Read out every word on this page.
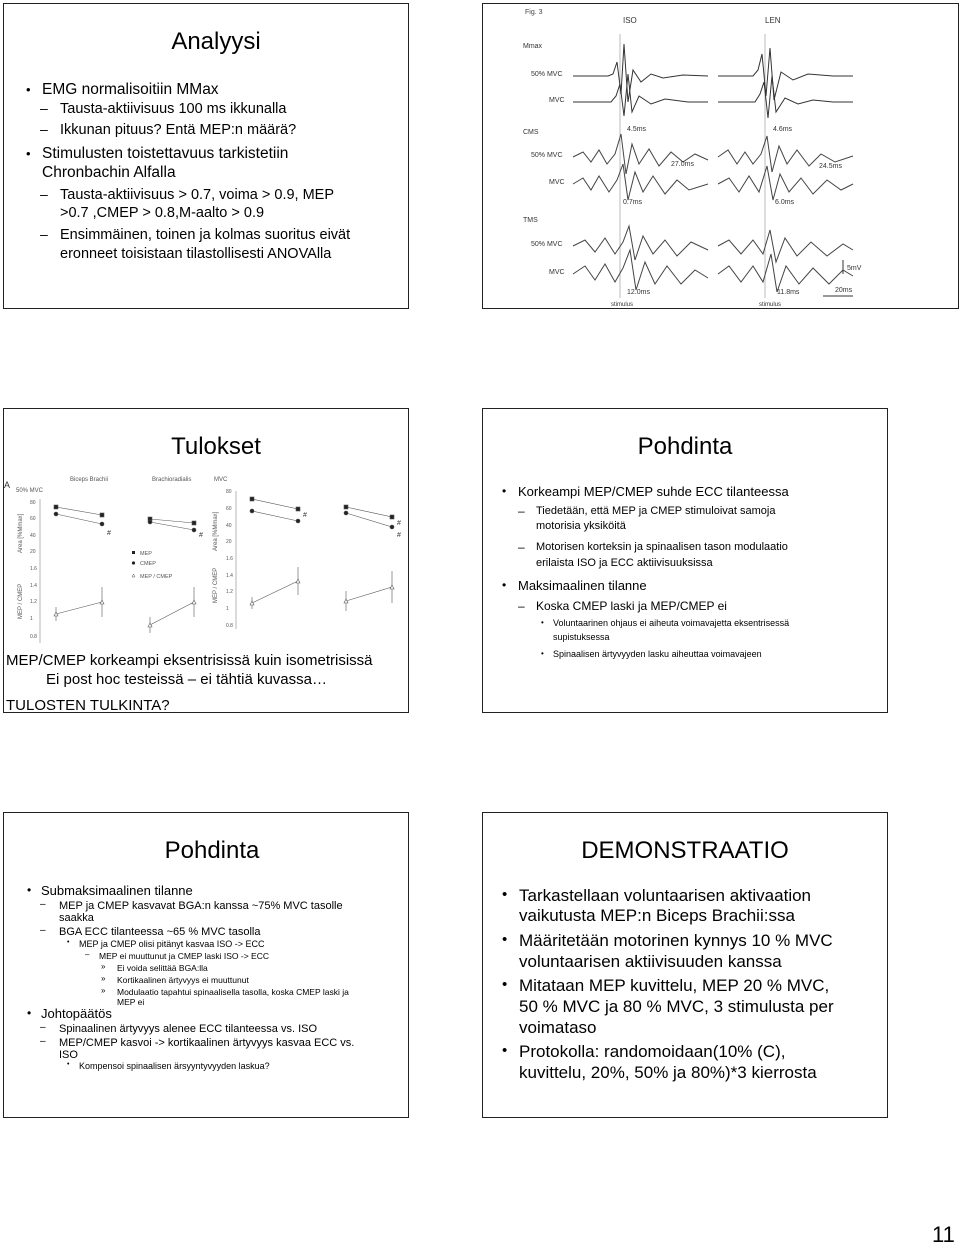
Analyysi
• EMG normalisoitiin MMax
– Tausta-aktiivisuus 100 ms ikkunalla
– Ikkunan pituus? Entä MEP:n määrä?
• Stimulusten toistettavuus tarkistetiin
Chronbachin Alfalla
– Tausta-aktiivisuus > 0.7, voima > 0.9, MEP
>0.7 ,CMEP > 0.8,M-aalto > 0.9
– Ensimmäinen, toinen ja kolmas suoritus eivät
eronneet toisistaan tilastollisesti ANOVAlla
Fig. 3
ISO	LEN
Mmax
50% MVC
MVC
CMS
50% MVC
MVC
TMS
50% MVC
MVC
4.5ms	4.6ms
27.0ms	24.5ms
0.7ms	6.0ms
12.0ms	11.8ms
5mV
20ms
stimulus	stimulus
Tulokset
A	Biceps Brachii	Brachioradialis	MVC
50% MVC
Area [%Mmax]
MEP / CMEP
Area [%Mmax]
MEP / CMEP
80
60
40
20
1.6
1.4
1.2
1
0.8
80
60
40
20
1.6
1.4
1.2
1
0.8
#	#
#
#
#
MEP
CMEP
MEP / CMEP
MEP/CMEP korkeampi eksentrisissä kuin isometrisissä
Ei post hoc testeissä – ei tähtiä kuvassa…
TULOSTEN TULKINTA?
Pohdinta
• Korkeampi MEP/CMEP suhde ECC tilanteessa
– Tiedetään, että MEP ja CMEP stimuloivat samoja
motorisia yksiköitä
– Motorisen korteksin ja spinaalisen tason modulaatio
erilaista ISO ja ECC aktiivisuuksissa
• Maksimaalinen tilanne
– Koska CMEP laski ja MEP/CMEP ei
• Voluntaarinen ohjaus ei aiheuta voimavajetta eksentrisessä
supistuksessa
• Spinaalisen ärtyvyyden lasku aiheuttaa voimavajeen
Pohdinta
• Submaksimaalinen tilanne
– MEP ja CMEP kasvavat BGA:n kanssa ~75% MVC tasolle
saakka
– BGA ECC tilanteessa ~65 % MVC tasolla
• MEP ja CMEP olisi pitänyt kasvaa ISO -> ECC
– MEP ei muuttunut ja CMEP laski ISO -> ECC
» Ei voida selittää BGA:lla
» Kortikaalinen ärtyvyys ei muuttunut
» Modulaatio tapahtui spinaalisella tasolla, koska CMEP laski ja
MEP ei
• Johtopäätös
– Spinaalinen ärtyvyys alenee ECC tilanteessa vs. ISO
– MEP/CMEP kasvoi -> kortikaalinen ärtyvyys kasvaa ECC vs.
ISO
• Kompensoi spinaalisen ärsyyntyvyyden laskua?
DEMONSTRAATIO
• Tarkastellaan voluntaarisen aktivaation
vaikutusta MEP:n Biceps Brachii:ssa
• Määritetään motorinen kynnys 10 % MVC
voluntaarisen aktiivisuuden kanssa
• Mitataan MEP kuvittelu, MEP 20 % MVC,
50 % MVC ja 80 % MVC, 3 stimulusta per
voimataso
• Protokolla: randomoidaan(10% (C),
kuvittelu, 20%, 50% ja 80%)*3 kierrosta
11
